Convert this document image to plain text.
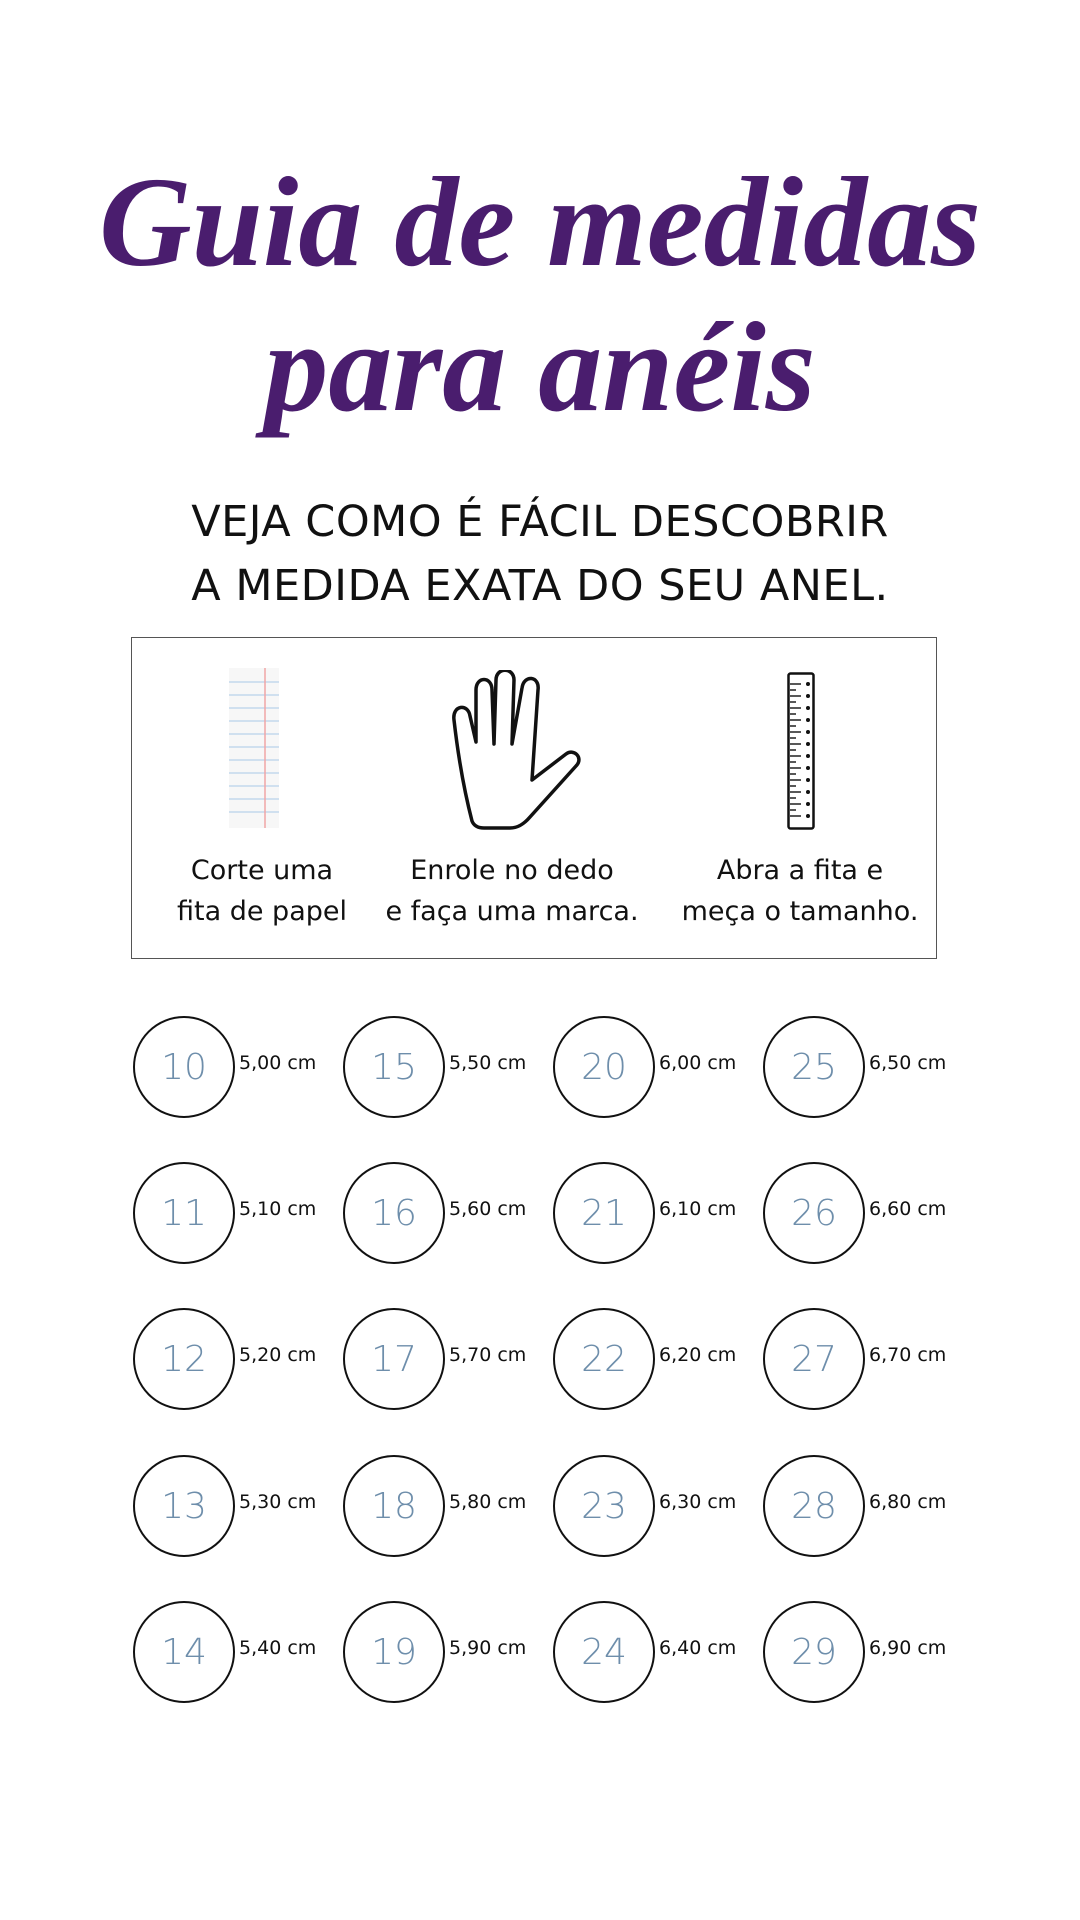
Guia de medidas
para anéis
VEJA COMO É FÁCIL DESCOBRIR
A MEDIDA EXATA DO SEU ANEL.
Corte uma
fita de papel
Enrole no dedo
e faça uma marca.
Abra a fita e
meça o tamanho.
10	5,00 cm
11	5,10 cm
12	5,20 cm
13	5,30 cm
14	5,40 cm
15	5,50 cm
16	5,60 cm
17	5,70 cm
18	5,80 cm
19	5,90 cm
20	6,00 cm
21	6,10 cm
22	6,20 cm
23	6,30 cm
24	6,40 cm
25	6,50 cm
26	6,60 cm
27	6,70 cm
28	6,80 cm
29	6,90 cm
